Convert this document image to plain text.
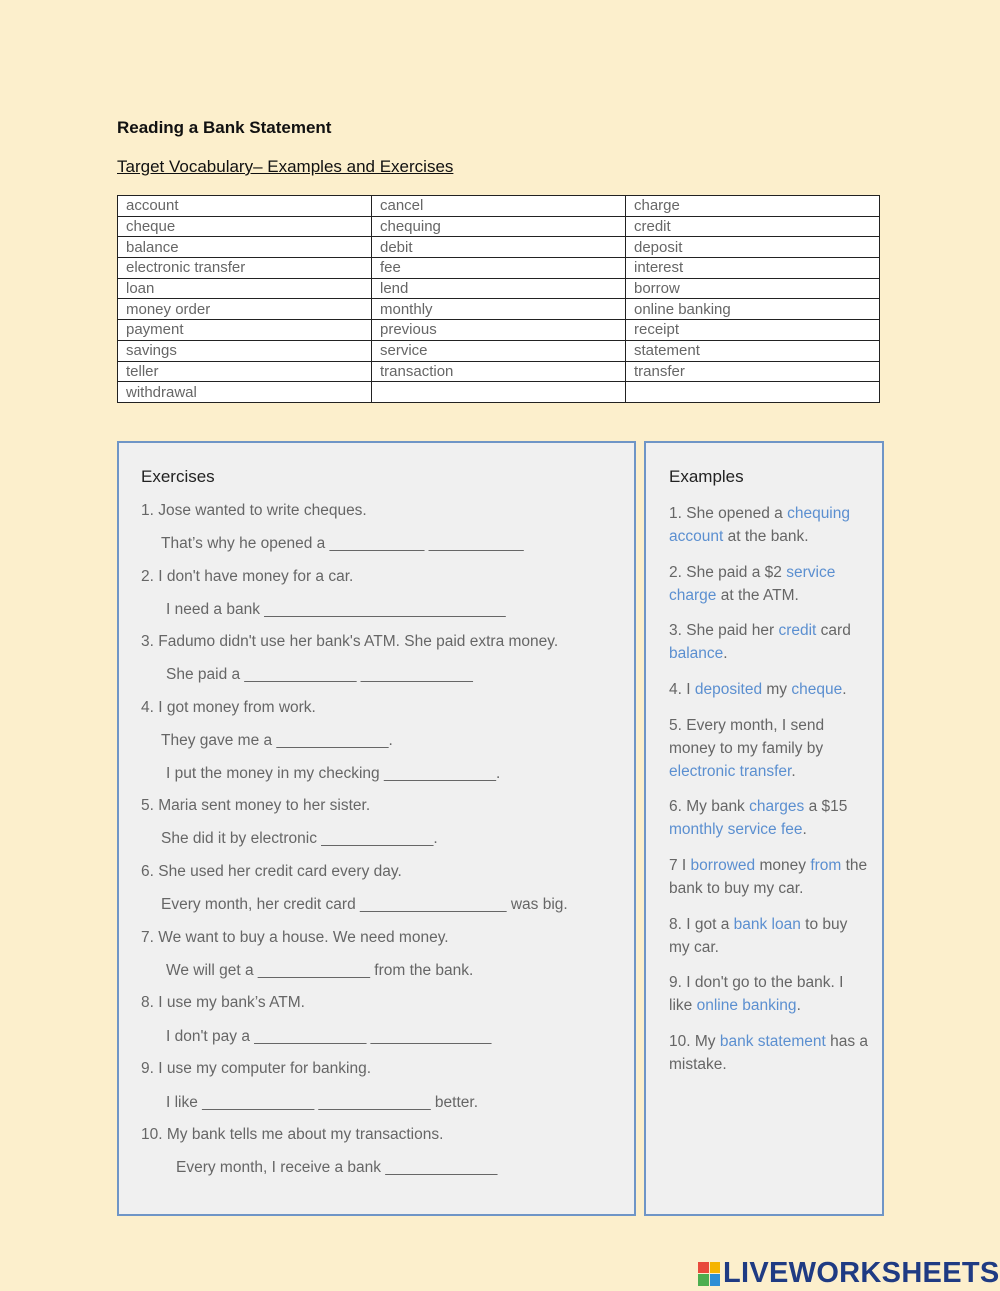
Reading a Bank Statement
Target Vocabulary– Examples and Exercises
account	cancel	charge
cheque	chequing	credit
balance	debit	deposit
electronic transfer	fee	interest
loan	lend	borrow
money order	monthly	online banking
payment	previous	receipt
savings	service	statement
teller	transaction	transfer
withdrawal		
Exercises
1. Jose wanted to write cheques.
That’s why he opened a ___________ ___________
2. I don't have money for a car.
I need a bank ____________________________
3. Fadumo didn't use her bank's ATM. She paid extra money.
She paid a _____________ _____________
4. I got money from work.
They gave me a _____________.
I put the money in my checking _____________.
5. Maria sent money to her sister.
She did it by electronic _____________.
6. She used her credit card every day.
Every month, her credit card _________________ was big.
7. We want to buy a house. We need money.
We will get a _____________ from the bank.
8. I use my bank’s ATM.
I don't pay a _____________ ______________
9. I use my computer for banking.
I like _____________ _____________ better.
10. My bank tells me about my transactions.
Every month, I receive a bank _____________
Examples
1. She opened a chequing account at the bank.
2. She paid a $2 service charge at the ATM.
3. She paid her credit card balance.
4. I deposited my cheque.
5. Every month, I send money to my family by electronic transfer.
6. My bank charges a $15 monthly service fee.
7 I borrowed money from the bank to buy my car.
8. I got a bank loan to buy my car.
9. I don't go to the bank. I like online banking.
10. My bank statement has a mistake.
LIVEWORKSHEETS
